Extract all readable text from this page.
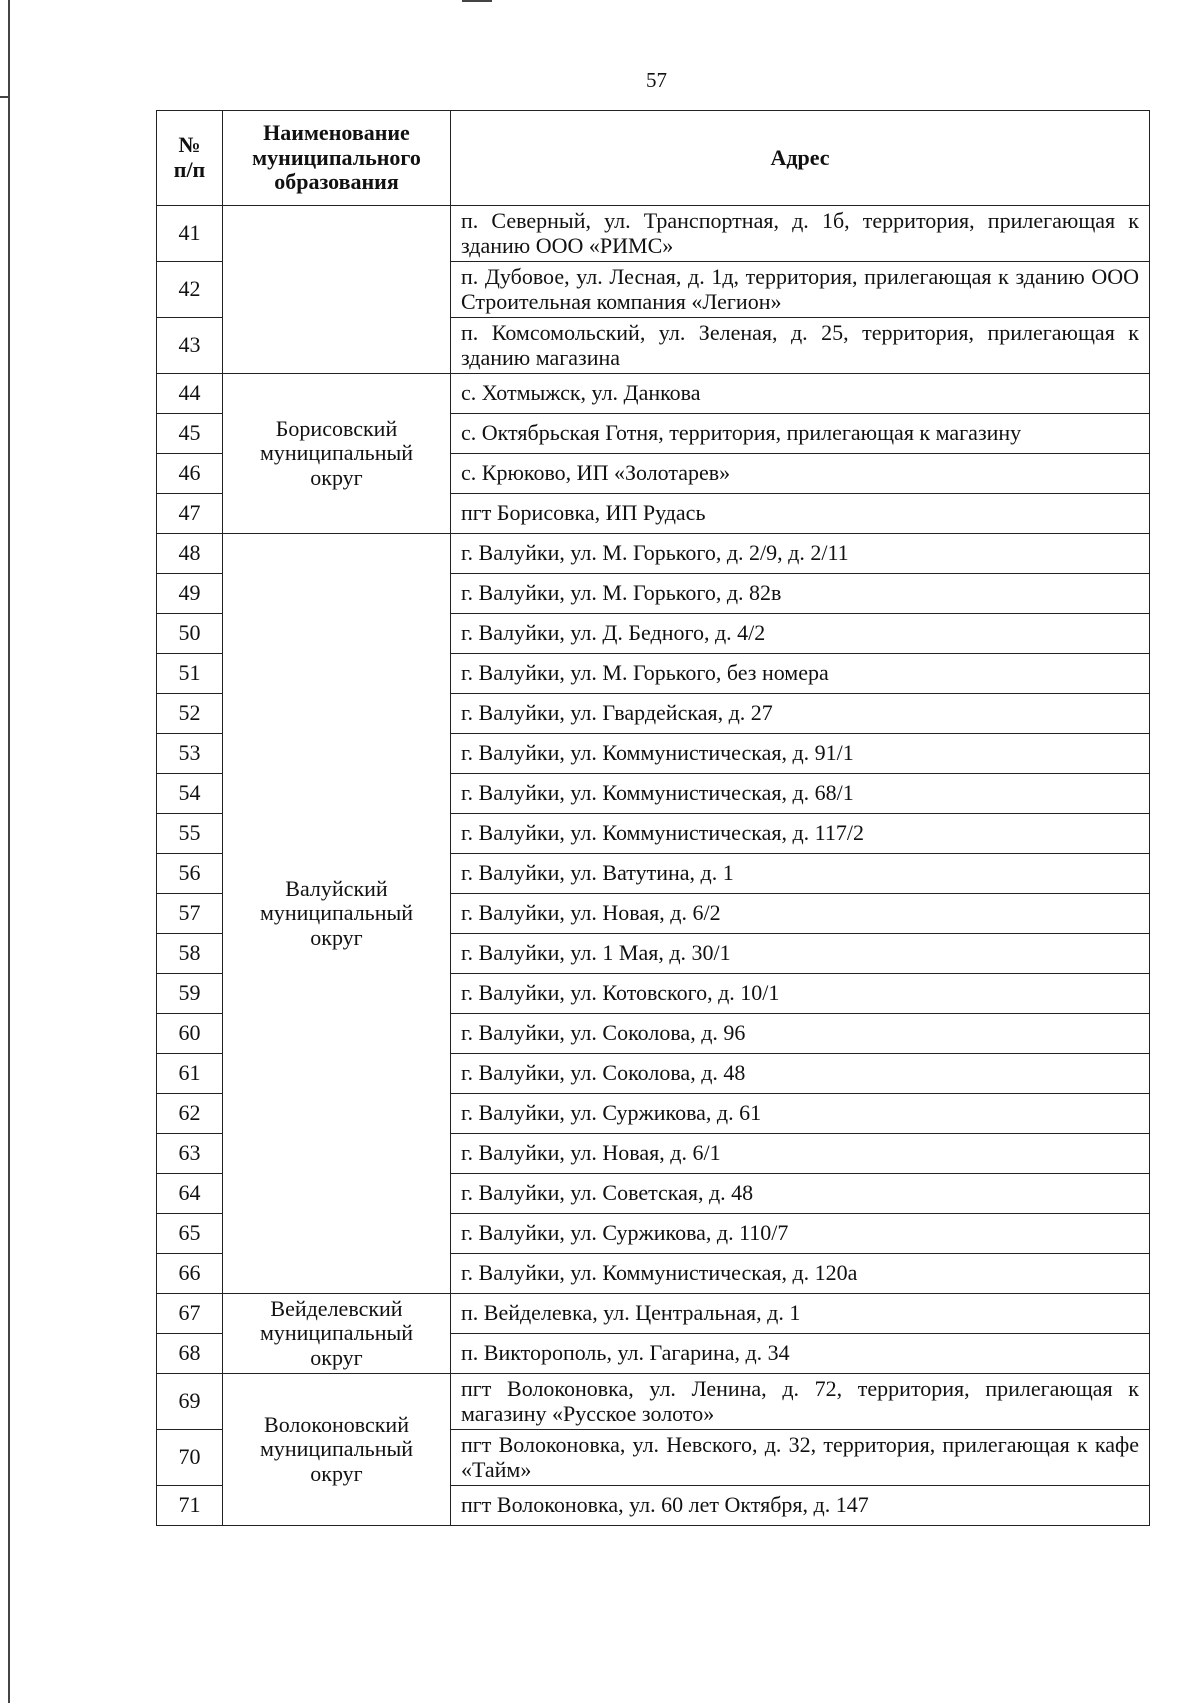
57
№ п/п	Наименование муниципального образования	Адрес
41		п. Северный, ул. Транспортная, д. 1б, территория, прилегающая к зданию ООО «РИМС»
42		п. Дубовое, ул. Лесная, д. 1д, территория, прилегающая к зданию ООО Строительная компания «Легион»
43		п. Комсомольский, ул. Зеленая, д. 25, территория, прилегающая к зданию магазина
44	Борисовский муниципальный округ	с. Хотмыжск, ул. Данкова
45		с. Октябрьская Готня, территория, прилегающая к магазину
46		с. Крюково, ИП «Золотарев»
47		пгт Борисовка, ИП Рудась
48	Валуйский муниципальный округ	г. Валуйки, ул. М. Горького, д. 2/9, д. 2/11
49		г. Валуйки, ул. М. Горького, д. 82в
50		г. Валуйки, ул. Д. Бедного, д. 4/2
51		г. Валуйки, ул. М. Горького, без номера
52		г. Валуйки, ул. Гвардейская, д. 27
53		г. Валуйки, ул. Коммунистическая, д. 91/1
54		г. Валуйки, ул. Коммунистическая, д. 68/1
55		г. Валуйки, ул. Коммунистическая, д. 117/2
56		г. Валуйки, ул. Ватутина, д. 1
57		г. Валуйки, ул. Новая, д. 6/2
58		г. Валуйки, ул. 1 Мая, д. 30/1
59		г. Валуйки, ул. Котовского, д. 10/1
60		г. Валуйки, ул. Соколова, д. 96
61		г. Валуйки, ул. Соколова, д. 48
62		г. Валуйки, ул. Суржикова, д. 61
63		г. Валуйки, ул. Новая, д. 6/1
64		г. Валуйки, ул. Советская, д. 48
65		г. Валуйки, ул. Суржикова, д. 110/7
66		г. Валуйки, ул. Коммунистическая, д. 120а
67	Вейделевский муниципальный округ	п. Вейделевка, ул. Центральная, д. 1
68		п. Викторополь, ул. Гагарина, д. 34
69	Волоконовский муниципальный округ	пгт Волоконовка, ул. Ленина, д. 72, территория, прилегающая к магазину «Русское золото»
70		пгт Волоконовка, ул. Невского, д. 32, территория, прилегающая к кафе «Тайм»
71		пгт Волоконовка, ул. 60 лет Октября, д. 147
